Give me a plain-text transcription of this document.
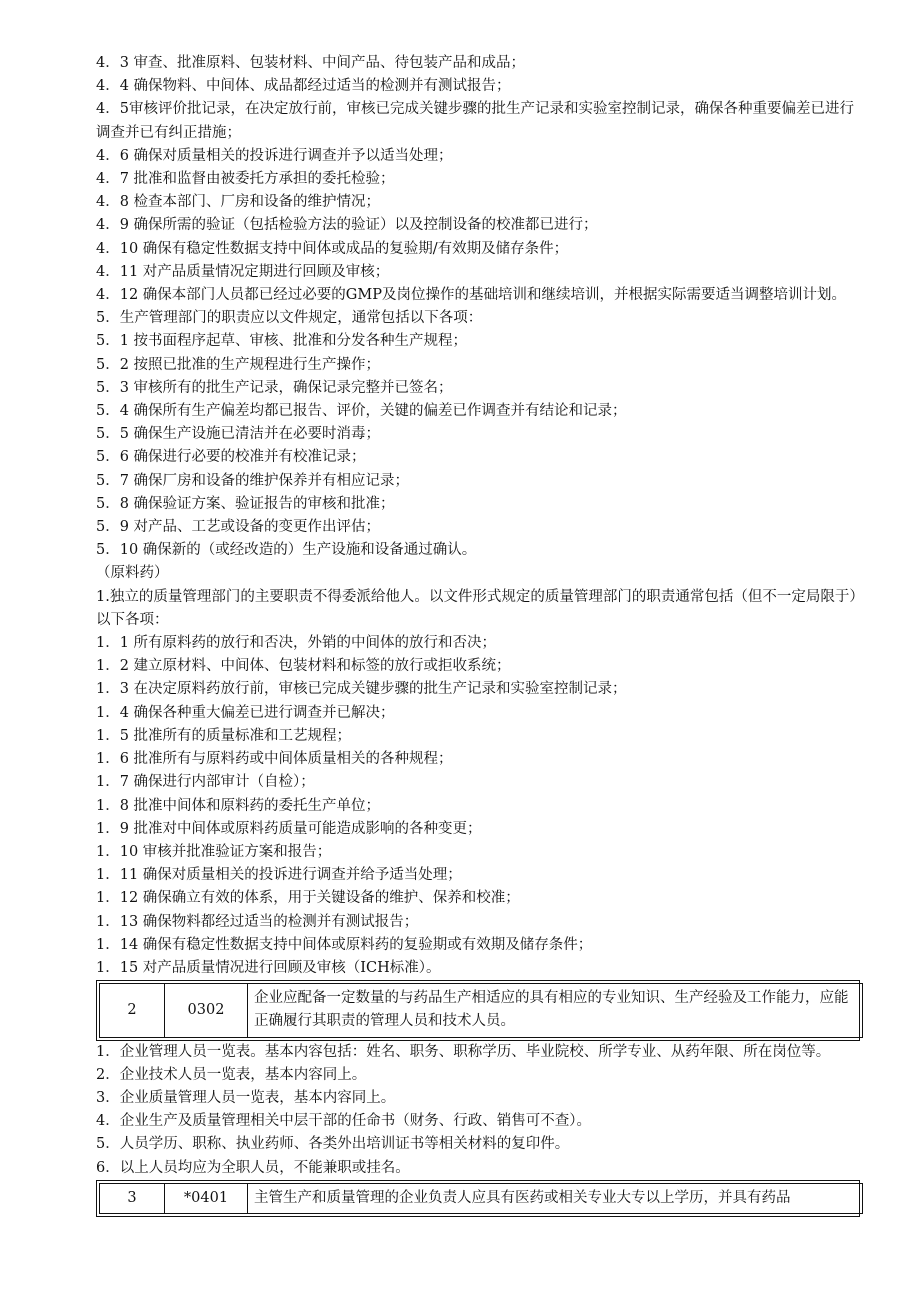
4．3 审查、批准原料、包装材料、中间产品、待包装产品和成品；
4．4 确保物料、中间体、成品都经过适当的检测并有测试报告；
4．5审核评价批记录，在决定放行前，审核已完成关键步骤的批生产记录和实验室控制记录，确保各种重要偏差已进行调查并已有纠正措施；
4．6 确保对质量相关的投诉进行调查并予以适当处理；
4．7 批准和监督由被委托方承担的委托检验；
4．8 检查本部门、厂房和设备的维护情况；
4．9 确保所需的验证（包括检验方法的验证）以及控制设备的校准都已进行；
4．10 确保有稳定性数据支持中间体或成品的复验期/有效期及储存条件；
4．11 对产品质量情况定期进行回顾及审核；
4．12 确保本部门人员都已经过必要的GMP及岗位操作的基础培训和继续培训，并根据实际需要适当调整培训计划。
5．生产管理部门的职责应以文件规定，通常包括以下各项：
5．1 按书面程序起草、审核、批准和分发各种生产规程；
5．2 按照已批准的生产规程进行生产操作；
5．3 审核所有的批生产记录，确保记录完整并已签名；
5．4 确保所有生产偏差均都已报告、评价，关键的偏差已作调查并有结论和记录；
5．5 确保生产设施已清洁并在必要时消毒；
5．6 确保进行必要的校准并有校准记录；
5．7 确保厂房和设备的维护保养并有相应记录；
5．8 确保验证方案、验证报告的审核和批准；
5．9 对产品、工艺或设备的变更作出评估；
5．10 确保新的（或经改造的）生产设施和设备通过确认。
（原料药）
1.独立的质量管理部门的主要职责不得委派给他人。以文件形式规定的质量管理部门的职责通常包括（但不一定局限于）以下各项：
1．1 所有原料药的放行和否决，外销的中间体的放行和否决；
1．2 建立原材料、中间体、包装材料和标签的放行或拒收系统；
1．3 在决定原料药放行前，审核已完成关键步骤的批生产记录和实验室控制记录；
1．4 确保各种重大偏差已进行调查并已解决；
1．5 批准所有的质量标准和工艺规程；
1．6 批准所有与原料药或中间体质量相关的各种规程；
1．7 确保进行内部审计（自检）；
1．8 批准中间体和原料药的委托生产单位；
1．9 批准对中间体或原料药质量可能造成影响的各种变更；
1．10 审核并批准验证方案和报告；
1．11 确保对质量相关的投诉进行调查并给予适当处理；
1．12 确保确立有效的体系，用于关键设备的维护、保养和校准；
1．13 确保物料都经过适当的检测并有测试报告；
1．14 确保有稳定性数据支持中间体或原料药的复验期或有效期及储存条件；
1．15 对产品质量情况进行回顾及审核（ICH标准）。
2	0302	企业应配备一定数量的与药品生产相适应的具有相应的专业知识、生产经验及工作能力，应能正确履行其职责的管理人员和技术人员。
1．企业管理人员一览表。基本内容包括：姓名、职务、职称学历、毕业院校、所学专业、从药年限、所在岗位等。
2．企业技术人员一览表，基本内容同上。
3．企业质量管理人员一览表，基本内容同上。
4．企业生产及质量管理相关中层干部的任命书（财务、行政、销售可不查）。
5．人员学历、职称、执业药师、各类外出培训证书等相关材料的复印件。
6．以上人员均应为全职人员，不能兼职或挂名。
3	*0401	主管生产和质量管理的企业负责人应具有医药或相关专业大专以上学历，并具有药品
